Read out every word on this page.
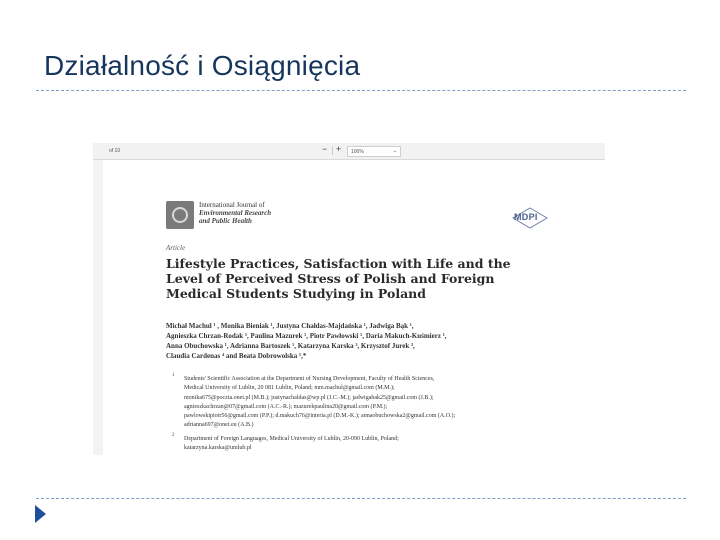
Działalność i Osiągnięcia
of 10	− + 100%	⌄
International Journal of
Environmental Research
and Public Health	MDPI
Article
Lifestyle Practices, Satisfaction with Life and the
Level of Perceived Stress of Polish and Foreign
Medical Students Studying in Poland
Michał Machul ¹ , Monika Bieniak ¹, Justyna Chałdas-Majdańska ¹, Jadwiga Bąk ¹,
Agnieszka Chrzan-Rodak ¹, Paulina Mazurek ¹, Piotr Pawłowski ¹, Daria Makuch-Kuśmierz ¹,
Anna Obuchowska ¹, Adrianna Bartoszek ¹, Katarzyna Karska ², Krzysztof Jurek ³,
Claudia Cardenas ⁴ and Beata Dobrowolska ¹,*
1
Students' Scientific Association at the Department of Nursing Development, Faculty of Health Sciences,
Medical University of Lublin, 20 081 Lublin, Poland; mm.machul@gmail.com (M.M.);
monika675@poczta.onet.pl (M.B.); justynachaldas@wp.pl (J.C.-M.); jadwigabak25@gmail.com (J.B.);
agnieszkachrzan@07@gmail.com (A.C.-R.); mazurekpaulina20@gmail.com (P.M.);
pawlowskipiotr56@gmail.com (P.P.); d.makuch76@interia.pl (D.M.-K.); annaobuchowska2@gmail.com (A.O.);
adrianna697@onet.eu (A.B.)
2
Department of Foreign Languages, Medical University of Lublin, 20-090 Lublin, Poland;
katarzyna.karska@umlub.pl
